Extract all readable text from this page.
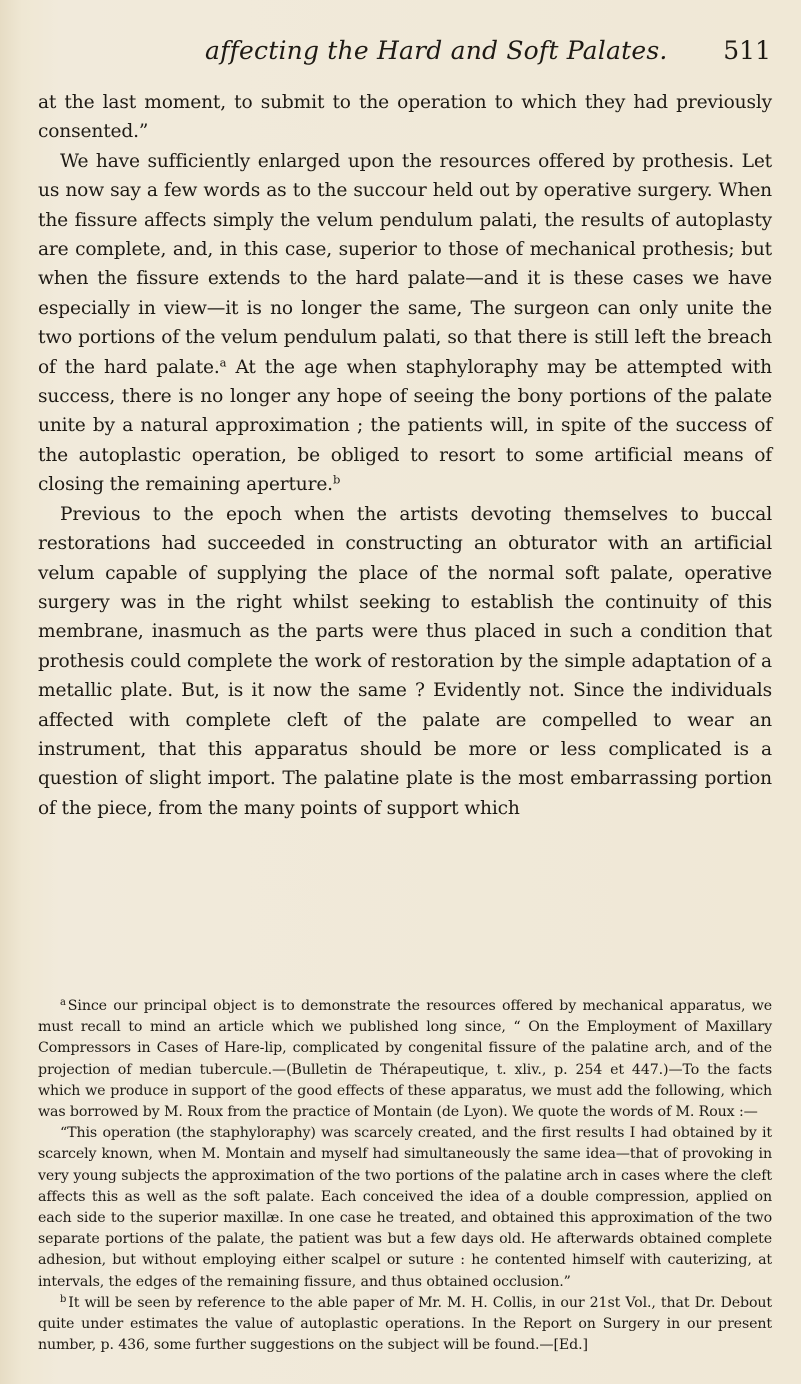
affecting the Hard and Soft Palates. 511

at the last moment, to submit to the operation to which they had previously consented.”

We have sufficiently enlarged upon the resources offered by prothesis. Let us now say a few words as to the succour held out by operative surgery. When the fissure affects simply the velum pendulum palati, the results of autoplasty are complete, and, in this case, superior to those of mechanical prothesis; but when the fissure extends to the hard palate—and it is these cases we have especially in view—it is no longer the same, The surgeon can only unite the two portions of the velum pendulum palati, so that there is still left the breach of the hard palate.$^a$ At the age when staphyloraphy may be attempted with success, there is no longer any hope of seeing the bony portions of the palate unite by a natural approximation ; the patients will, in spite of the success of the autoplastic operation, be obliged to resort to some artificial means of closing the remaining aperture.$^b$

Previous to the epoch when the artists devoting themselves to buccal restorations had succeeded in constructing an obturator with an artificial velum capable of supplying the place of the normal soft palate, operative surgery was in the right whilst seeking to establish the continuity of this membrane, inasmuch as the parts were thus placed in such a condition that prothesis could complete the work of restoration by the simple adaptation of a metallic plate. But, is it now the same ? Evidently not. Since the individuals affected with complete cleft of the palate are compelled to wear an instrument, that this apparatus should be more or less complicated is a question of slight import. The palatine plate is the most embarrassing portion of the piece, from the many points of support which

$^a$ Since our principal object is to demonstrate the resources offered by mechanical apparatus, we must recall to mind an article which we published long since, “ On the Employment of Maxillary Compressors in Cases of Hare-lip, complicated by congenital fissure of the palatine arch, and of the projection of median tubercule.—(Bulletin de Thérapeutique, t. xliv., p. 254 et 447.)—To the facts which we produce in support of the good effects of these apparatus, we must add the following, which was borrowed by M. Roux from the practice of Montain (de Lyon). We quote the words of M. Roux :—

“This operation (the staphyloraphy) was scarcely created, and the first results I had obtained by it scarcely known, when M. Montain and myself had simultaneously the same idea—that of provoking in very young subjects the approximation of the two portions of the palatine arch in cases where the cleft affects this as well as the soft palate. Each conceived the idea of a double compression, applied on each side to the superior maxillæ. In one case he treated, and obtained this approximation of the two separate portions of the palate, the patient was but a few days old. He afterwards obtained complete adhesion, but without employing either scalpel or suture : he contented himself with cauterizing, at intervals, the edges of the remaining fissure, and thus obtained occlusion.”

$^b$ It will be seen by reference to the able paper of Mr. M. H. Collis, in our 21st Vol., that Dr. Debout quite under estimates the value of autoplastic operations. In the Report on Surgery in our present number, p. 436, some further suggestions on the subject will be found.—[Ed.]
